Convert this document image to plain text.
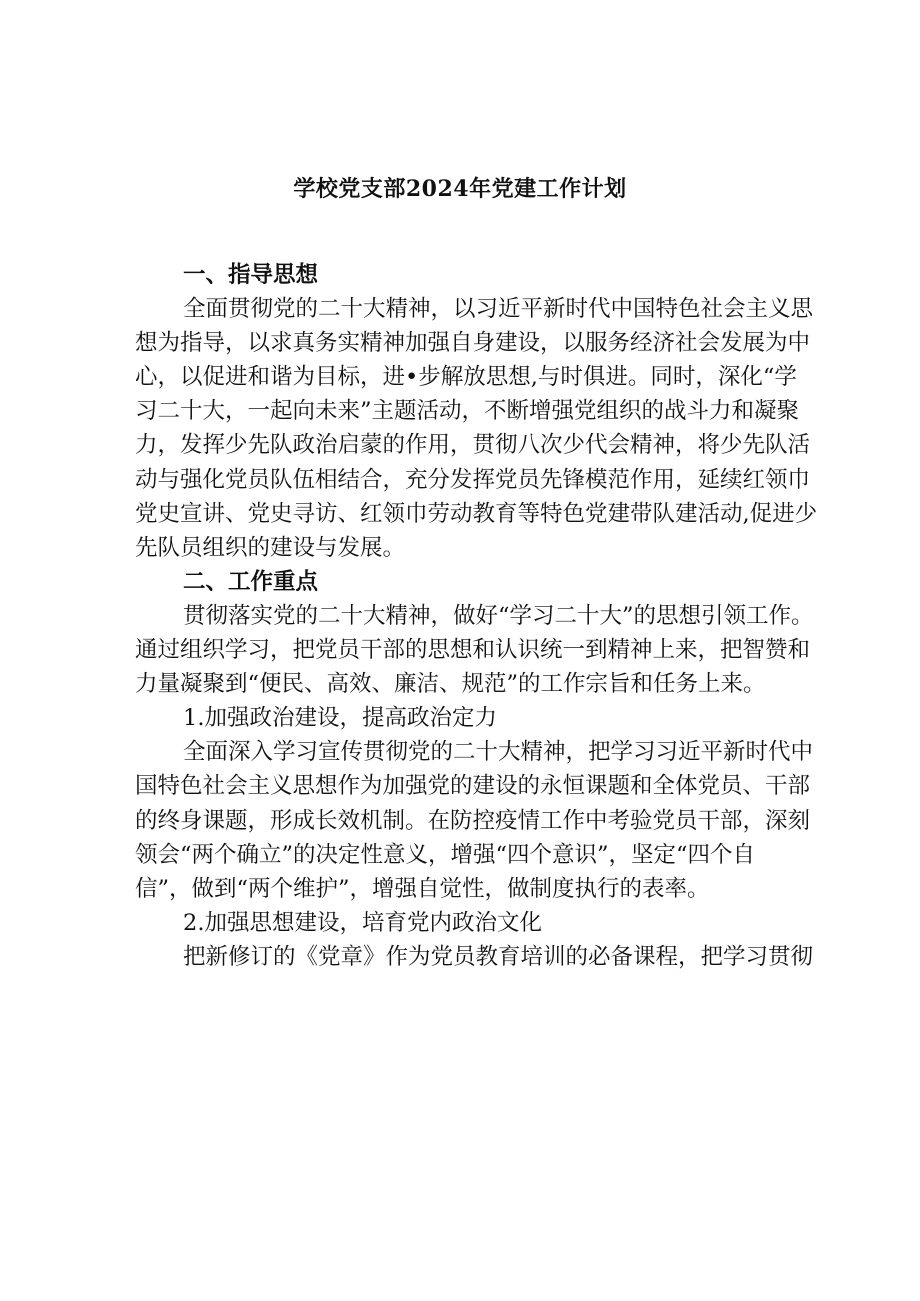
学校党支部2024年党建工作计划
一、指导思想
全面贯彻党的二十大精神，以习近平新时代中国特色社会主义思
想为指导，以求真务实精神加强自身建设，以服务经济社会发展为中
心，以促进和谐为目标，进•步解放思想,与时俱进。同时，深化“学
习二十大，一起向未来”主题活动，不断增强党组织的战斗力和凝聚
力，发挥少先队政治启蒙的作用，贯彻八次少代会精神，将少先队活
动与强化党员队伍相结合，充分发挥党员先锋模范作用，延续红领巾
党史宣讲、党史寻访、红领巾劳动教育等特色党建带队建活动,促进少
先队员组织的建设与发展。
二、工作重点
贯彻落实党的二十大精神，做好“学习二十大”的思想引领工作。
通过组织学习，把党员干部的思想和认识统一到精神上来，把智赞和
力量凝聚到“便民、高效、廉洁、规范”的工作宗旨和任务上来。
1.加强政治建设，提高政治定力
全面深入学习宣传贯彻党的二十大精神，把学习习近平新时代中
国特色社会主义思想作为加强党的建设的永恒课题和全体党员、干部
的终身课题，形成长效机制。在防控疫情工作中考验党员干部，深刻
领会“两个确立”的决定性意义，增强“四个意识”，坚定“四个自
信”，做到“两个维护”，增强自觉性，做制度执行的表率。
2.加强思想建设，培育党内政治文化
把新修订的《党章》作为党员教育培训的必备课程，把学习贯彻
